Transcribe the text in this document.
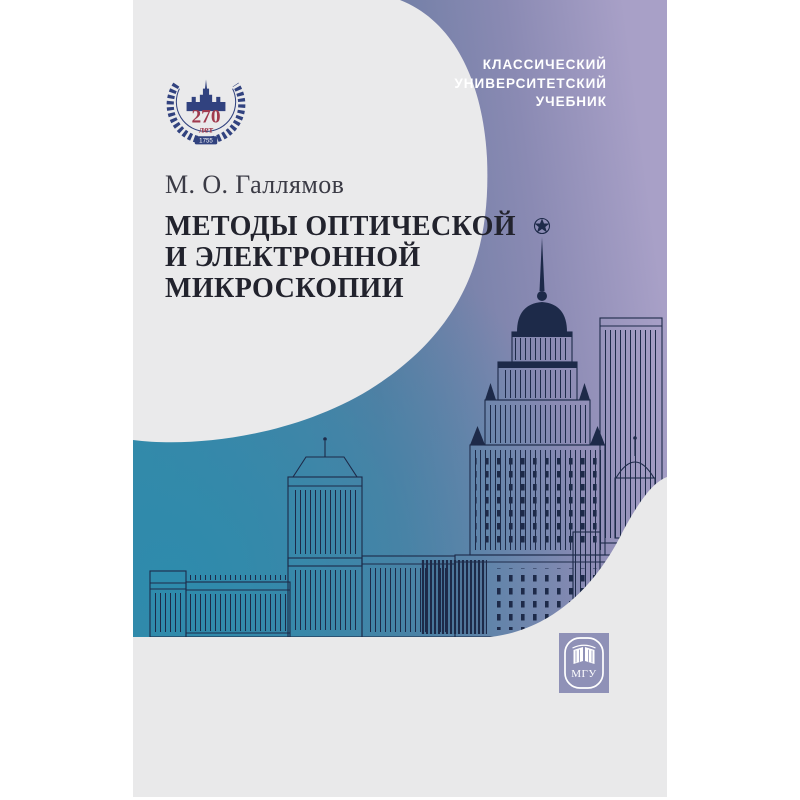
КЛАССИЧЕСКИЙ
УНИВЕРСИТЕТСКИЙ
УЧЕБНИК
270
лет
1755
М. О. Галлямов
МЕТОДЫ ОПТИЧЕСКОЙ
И ЭЛЕКТРОННОЙ
МИКРОСКОПИИ
МГУ
